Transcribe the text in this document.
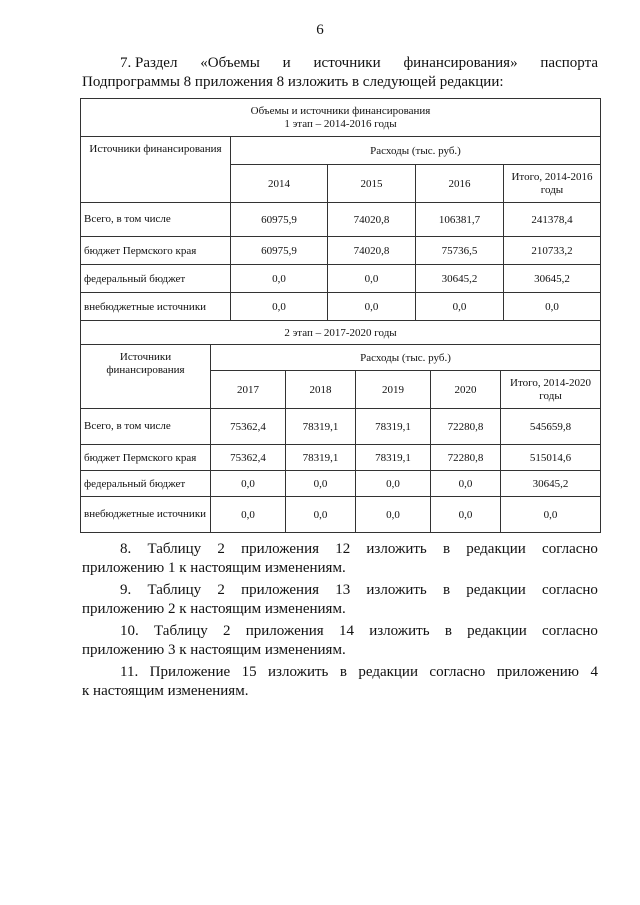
6
7. Раздел «Объемы и источники финансирования» паспорта
Подпрограммы 8 приложения 8 изложить в следующей редакции:
Объемы и источники финансирования
1 этап – 2014-2016 годы				

Источники финансирования	Расходы (тыс. руб.)			
	2014	2015	2016	Итого, 2014-2016 годы
Всего, в том числе	60975,9	74020,8	106381,7	241378,4
бюджет Пермского края	60975,9	74020,8	75736,5	210733,2
федеральный бюджет	0,0	0,0	30645,2	30645,2
внебюджетные источники	0,0	0,0	0,0	0,0
2 этап – 2017-2020 годы					
Источники финансирования	Расходы (тыс. руб.)				
	2017	2018	2019	2020	Итого, 2014-2020 годы
Всего, в том числе	75362,4	78319,1	78319,1	72280,8	545659,8
бюджет Пермского края	75362,4	78319,1	78319,1	72280,8	515014,6
федеральный бюджет	0,0	0,0	0,0	0,0	30645,2
внебюджетные источники	0,0	0,0	0,0	0,0	0,0
8. Таблицу 2 приложения 12 изложить в редакции согласно
приложению 1 к настоящим изменениям.
9. Таблицу 2 приложения 13 изложить в редакции согласно
приложению 2 к настоящим изменениям.
10. Таблицу 2 приложения 14 изложить в редакции согласно
приложению 3 к настоящим изменениям.
11. Приложение 15 изложить в редакции согласно приложению 4
к настоящим изменениям.
